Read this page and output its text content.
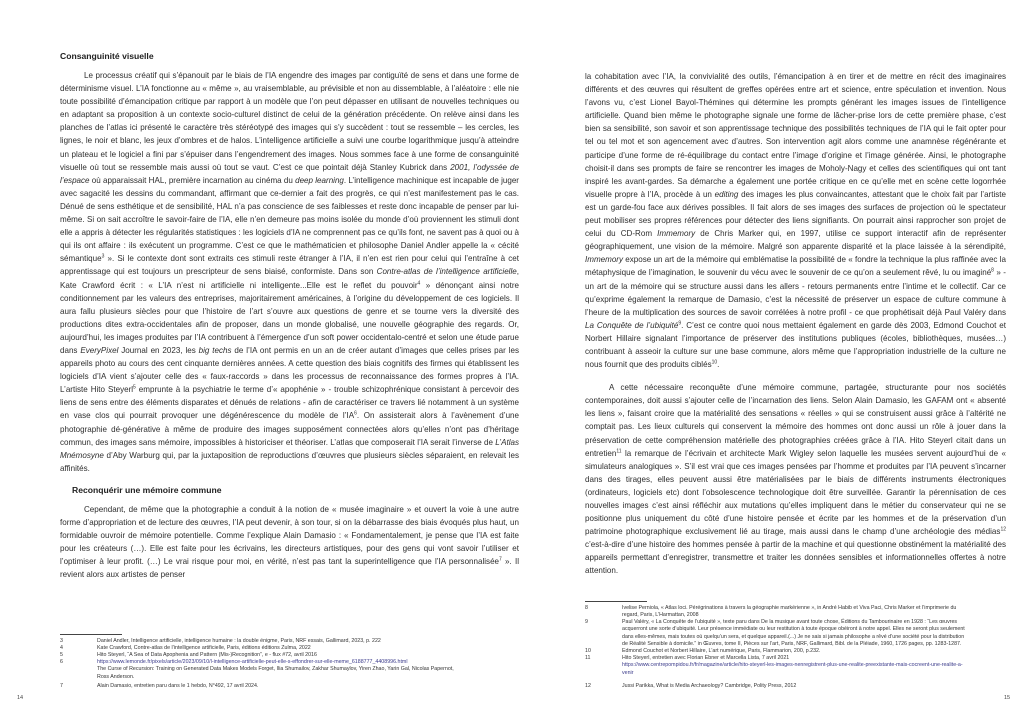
Consanguinité visuelle

Le processus créatif qui s’épanouit par le biais de l’IA engendre des images par contiguïté de sens et dans une forme de déterminisme visuel. L’IA fonctionne au « même », au vraisemblable, au prévisible et non au dissemblable, à l’aléatoire : elle nie toute possibilité d’émancipation critique par rapport à un modèle que l’on peut dépasser en utilisant de nouvelles techniques ou en adaptant sa proposition à un contexte socio-culturel distinct de celui de la génération précédente. On relève ainsi dans les planches de l’atlas ici présenté le caractère très stéréotypé des images qui s’y succèdent : tout se ressemble – les cercles, les lignes, le noir et blanc, les jeux d’ombres et de halos. L’intelligence artificielle a suivi une courbe logarithmique jusqu’à atteindre un plateau et le logiciel a fini par s’épuiser dans l’engendrement des images. Nous sommes face à une forme de consanguinité visuelle où tout se ressemble mais aussi où tout se vaut. C’est ce que pointait déjà Stanley Kubrick dans 2001, l’odyssée de l’espace où apparaissait HAL, première incarnation au cinéma du deep learning. L’intelligence machinique est incapable de juger avec sagacité les dessins du commandant, affirmant que ce-dernier a fait des progrès, ce qui n’est manifestement pas le cas. Dénué de sens esthétique et de sensibilité, HAL n’a pas conscience de ses faiblesses et reste donc incapable de penser par lui-même. Si on sait accroître le savoir-faire de l’IA, elle n’en demeure pas moins isolée du monde d’où proviennent les stimuli dont elle a appris à détecter les régularités statistiques : les logiciels d’IA ne comprennent pas ce qu’ils font, ne savent pas à quoi ou à qui ils ont affaire : ils exécutent un programme. C’est ce que le mathématicien et philosophe Daniel Andler appelle la « cécité sémantique$^3$ ». Si le contexte dont sont extraits ces stimuli reste étranger à l’IA, il n’en est rien pour celui qui l’entraîne à cet apprentissage qui est toujours un prescripteur de sens biaisé, conformiste. Dans son Contre-atlas de l’intelligence artificielle, Kate Crawford écrit : « L’IA n’est ni artificielle ni intelligente...Elle est le reflet du pouvoir$^4$ » dénonçant ainsi notre conditionnement par les valeurs des entreprises, majoritairement américaines, à l’origine du développement de ces logiciels. Il aura fallu plusieurs siècles pour que l’histoire de l’art s’ouvre aux questions de genre et se tourne vers la diversité des productions dites extra-occidentales afin de proposer, dans un monde globalisé, une nouvelle géographie des regards. Or, aujourd’hui, les images produites par l’IA contribuent à l’émergence d’un soft power occidentalo-centré et selon une étude parue dans EveryPixel Journal en 2023, les big techs de l’IA ont permis en un an de créer autant d’images que celles prises par les appareils photo au cours des cent cinquante dernières années. A cette question des biais cognitifs des firmes qui établissent les logiciels d’IA vient s’ajouter celle des « faux-raccords » dans les processus de reconnaissance des formes propres à l’IA. L’artiste Hito Steyerl$^5$ emprunte à la psychiatrie le terme d’« apophénie » - trouble schizophrénique consistant à percevoir des liens de sens entre des éléments disparates et dénués de relations - afin de caractériser ce travers lié notamment à un système en vase clos qui pourrait provoquer une dégénérescence du modèle de $l’IA^6$. On assisterait alors à l’avènement d’une photographie dé-générative à même de produire des images supposément connectées alors qu’elles n’ont pas d’héritage commun, des images sans mémoire, impossibles à historiciser et théoriser. L’atlas que composerait l’IA serait l’inverse de L’Atlas Mnémosyne d’Aby Warburg qui, par la juxtaposition de reproductions d’œuvres que plusieurs siècles séparaient, en relevait les affinités.

Reconquérir une mémoire commune

Cependant, de même que la photographie a conduit à la notion de « musée imaginaire » et ouvert la voie à une autre forme d’appropriation et de lecture des œuvres, l’IA peut devenir, à son tour, si on la débarrasse des biais évoqués plus haut, un formidable ouvroir de mémoire potentielle. Comme l’explique Alain Damasio : « Fondamentalement, je pense que l’IA est faite pour les créateurs (…). Elle est faite pour les écrivains, les directeurs artistiques, pour des gens qui vont savoir l’utiliser et l’optimiser à leur profit. (…) Le vrai risque pour moi, en vérité, n’est pas tant la superintelligence que l’IA personnalisée$^7$ ». Il revient alors aux artistes de penser

3	Daniel Andler, Intelligence artificielle, intelligence humaine : la double énigme, Paris, NRF essais, Gallimard, 2023, p. 222
4	Kate Crawford, Contre-atlas de l’intelligence artificielle, Paris, éditions éditions Zulma, 2022
5	Hito Steyerl, “A Sea of Data Apophenia and Pattern (Mis-)Recognition”, e - flux #72, avril 2016
6	https://www.lemonde.fr/pixels/article/2023/09/10/l-intelligence-artificielle-peut-elle-s-effondrer-sur-elle-meme_6188777_4408996.html
The Curse of Recursion: Training on Generated Data Makes Models Forget, Ilia Shumailov, Zakhar Shumaylov, Yiren Zhao, Yarin Gal, Nicolas Papernot, Ross Anderson.
7	Alain Damasio, entretien paru dans le 1 hebdo, N°492, 17 avril 2024.
14

la cohabitation avec l’IA, la convivialité des outils, l’émancipation à en tirer et de mettre en récit des imaginaires différents et des œuvres qui résultent de greffes opérées entre art et science, entre spéculation et invention. Nous l’avons vu, c’est Lionel Bayol-Thémines qui détermine les prompts générant les images issues de l’intelligence artificielle. Quand bien même le photographe signale une forme de lâcher-prise lors de cette première phase, c’est bien sa sensibilité, son savoir et son apprentissage technique des possibilités techniques de l’IA qui le fait opter pour tel ou tel mot et son agencement avec d’autres. Son intervention agit alors comme une anamnèse régénérante et participe d’une forme de ré-équilibrage du contact entre l’image d’origine et l’image générée. Ainsi, le photographe choisit-il dans ses prompts de faire se rencontrer les images de Moholy-Nagy et celles des scientifiques qui ont tant inspiré les avant-gardes. Sa démarche a également une portée critique en ce qu’elle met en scène cette logorrhée visuelle propre à l’IA, procède à un editing des images les plus convaincantes, attestant que le choix fait par l’artiste est un garde-fou face aux dérives possibles. Il fait alors de ses images des surfaces de projection où le spectateur peut mobiliser ses propres références pour détecter des liens signifiants. On pourrait ainsi rapprocher son projet de celui du CD-Rom Immemory de Chris Marker qui, en 1997, utilise ce support interactif afin de représenter géographiquement, une vision de la mémoire. Malgré son apparente disparité et la place laissée à la sérendipité, Immemory expose un art de la mémoire qui emblématise la possibilité de « fondre la technique la plus raffinée avec la métaphysique de l’imagination, le souvenir du vécu avec le souvenir de ce qu’on a seulement rêvé, lu ou imaginé$^8$ » - un art de la mémoire qui se structure aussi dans les allers - retours permanents entre l’intime et le collectif. Car ce qu’exprime également la remarque de Damasio, c’est la nécessité de préserver un espace de culture commune à l’heure de la multiplication des sources de savoir corrélées à notre profil - ce que prophétisait déjà Paul Valéry dans La Conquête de l’ubiquité$^9$. C’est ce contre quoi nous mettaient également en garde dès 2003, Edmond Couchot et Norbert Hillaire signalant l’importance de préserver des institutions publiques (écoles, bibliothèques, musées…) contribuant à asseoir la culture sur une base commune, alors même que l’appropriation industrielle de la culture ne nous fournit que des produits ciblés$^{10}$.

A cette nécessaire reconquête d’une mémoire commune, partagée, structurante pour nos sociétés contemporaines, doit aussi s’ajouter celle de l’incarnation des liens. Selon Alain Damasio, les GAFAM ont « absenté les liens », faisant croire que la matérialité des sensations « réelles » qui se construisent aussi grâce à l’altérité ne comptait pas. Les lieux culturels qui conservent la mémoire des hommes ont donc aussi un rôle à jouer dans la préservation de cette compréhension matérielle des photographies créées grâce à l’IA. Hito Steyerl citait dans un entretien$^{11}$ la remarque de l’écrivain et architecte Mark Wigley selon laquelle les musées servent aujourd’hui de « simulateurs analogiques ». S’il est vrai que ces images pensées par l’homme et produites par l’IA peuvent s’incarner dans des tirages, elles peuvent aussi être matérialisées par le biais de différents instruments électroniques (ordinateurs, logiciels etc) dont l’obsolescence technologique doit être surveillée. Garantir la pérennisation de ces nouvelles images c’est ainsi réfléchir aux mutations qu’elles impliquent dans le métier du conservateur qui ne se positionne plus uniquement du côté d’une histoire pensée et écrite par les hommes et de la préservation d’un patrimoine photographique exclusivement lié au tirage, mais aussi dans le champ d’une archéologie des médias$^{12}$ c’est-à-dire d’une histoire des hommes pensée à partir de la machine et qui questionne obstinément la matérialité des appareils permettant d’enregistrer, transmettre et traiter les données sensibles et informationnelles offertes à notre attention.

8	Ivelise Perniola, « Atlas loci. Pérégrinations à travers la géographie markérienne », in André Habib et Viva Paci, Chris Marker et l’imprimerie du regard, Paris, L’Harmattan, 2008
9	Paul Valéry, « La Conquête de l’ubiquité », texte paru dans De la musique avant toute chose, Éditions du Tambourinaire en 1928 : “Les œuvres acquerront une sorte d’ubiquité. Leur présence immédiate ou leur restitution à toute époque obéiront à notre appel. Elles ne seront plus seulement dans elles-mêmes, mais toutes où quelqu’un sera, et quelque appareil.(...) Je ne sais si jamais philosophe a rêvé d’une société pour la distribution de Réalité Sensible à domicile.” in Œuvres, tome II, Pièces sur l’art, Paris, NRF, Gallimard, Bibl. de la Pléiade, 1960, 1726 pages, pp. 1283-1287.
10	Edmond Couchot et Norbert Hillaire, L’art numérique, Paris, Flammarion, 200, p.232.
11	Hito Steyerl, entretien avec Florian Ebner et Marcella Lista, 7 avril 2021
https://www.centrepompidou.fr/fr/magazine/article/hito-steyerl-les-images-nenregistrent-plus-une-realite-preexistante-mais-cocreent-une-realite-a-venir
12	Jussi Parikka, What is Media Archaeology? Cambridge, Polity Press, 2012
15
